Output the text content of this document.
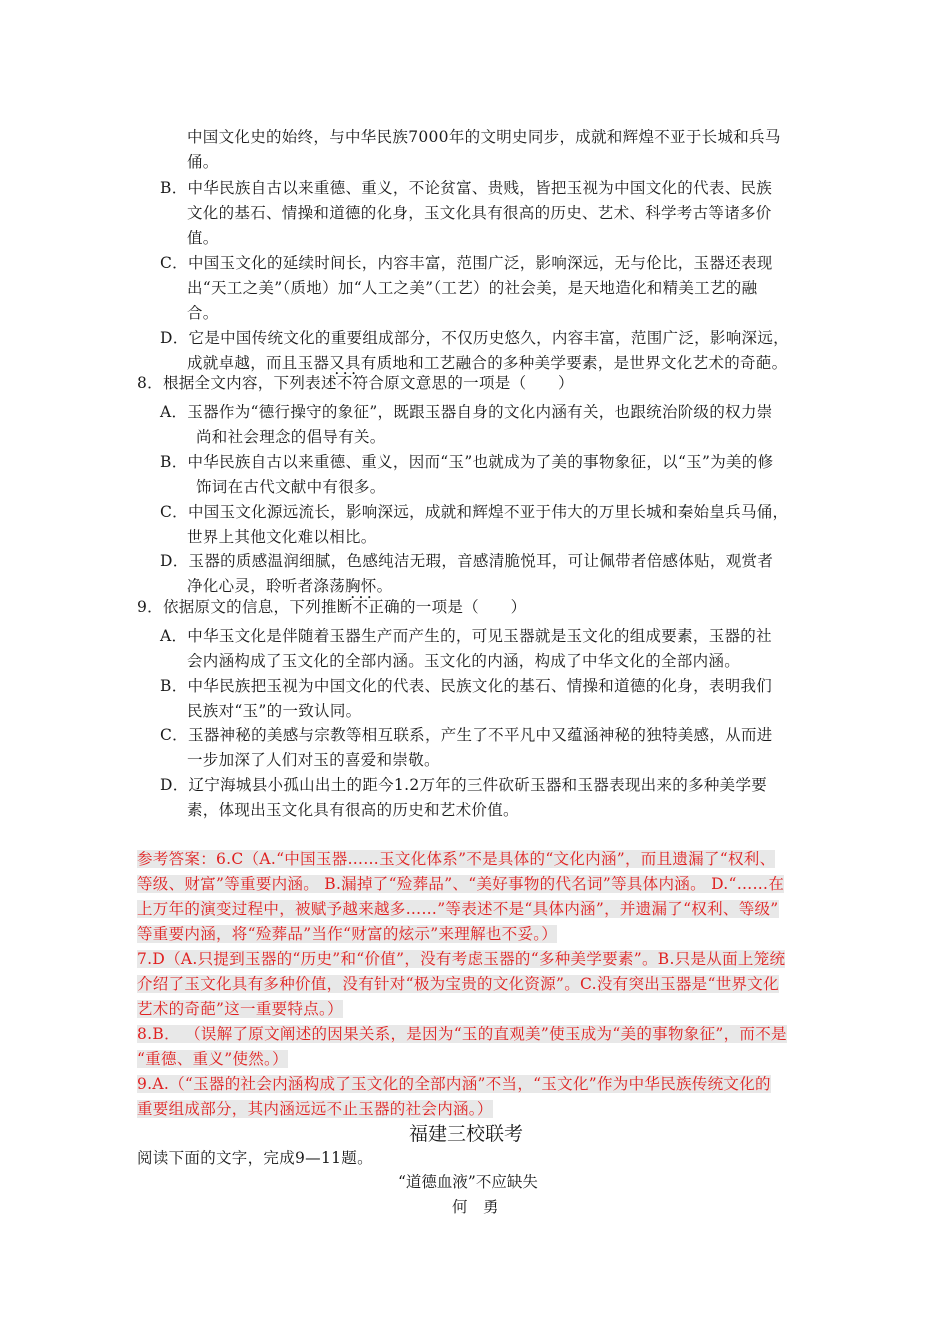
中国文化史的始终，与中华民族7000年的文明史同步，成就和辉煌不亚于长城和兵马
俑。
B．中华民族自古以来重德、重义，不论贫富、贵贱，皆把玉视为中国文化的代表、民族
文化的基石、情操和道德的化身，玉文化具有很高的历史、艺术、科学考古等诸多价
值。
C．中国玉文化的延续时间长，内容丰富，范围广泛，影响深远，无与伦比，玉器还表现
出“天工之美”（质地）加“人工之美”（工艺）的社会美，是天地造化和精美工艺的融
合。
D．它是中国传统文化的重要组成部分，不仅历史悠久，内容丰富，范围广泛，影响深远，
成就卓越，而且玉器又具有质地和工艺融合的多种美学要素，是世界文化艺术的奇葩。
8．根据全文内容，下列表述不符合 • • •原文意思的一项是（　　）
A．玉器作为“德行操守的象征”，既跟玉器自身的文化内涵有关，也跟统治阶级的权力崇
尚和社会理念的倡导有关。
B．中华民族自古以来重德、重义，因而“玉”也就成为了美的事物象征，以“玉”为美的修
饰词在古代文献中有很多。
C．中国玉文化源远流长，影响深远，成就和辉煌不亚于伟大的万里长城和秦始皇兵马俑，
世界上其他文化难以相比。
D．玉器的质感温润细腻，色感纯洁无瑕，音感清脆悦耳，可让佩带者倍感体贴，观赏者
净化心灵，聆听者涤荡胸怀。
9．依据原文的信息，下列推断不正确 • • •的一项是（　　）
A．中华玉文化是伴随着玉器生产而产生的，可见玉器就是玉文化的组成要素，玉器的社
会内涵构成了玉文化的全部内涵。玉文化的内涵，构成了中华文化的全部内涵。
B．中华民族把玉视为中国文化的代表、民族文化的基石、情操和道德的化身，表明我们
民族对“玉”的一致认同。
C．玉器神秘的美感与宗教等相互联系，产生了不平凡中又蕴涵神秘的独特美感，从而进
一步加深了人们对玉的喜爱和崇敬。
D．辽宁海城县小孤山出土的距今1.2万年的三件砍斫玉器和玉器表现出来的多种美学要
素，体现出玉文化具有很高的历史和艺术价值。
参考答案：6.C（A.“中国玉器……玉文化体系”不是具体的“文化内涵”，而且遗漏了“权利、
等级、财富”等重要内涵。 B.漏掉了“殓葬品”、“美好事物的代名词”等具体内涵。 D.“……在
上万年的演变过程中，被赋予越来越多……”等表述不是“具体内涵”，并遗漏了“权利、等级”
等重要内涵，将“殓葬品”当作“财富的炫示”来理解也不妥。）
7.D（A.只提到玉器的“历史”和“价值”，没有考虑玉器的“多种美学要素”。B.只是从面上笼统
介绍了玉文化具有多种价值，没有针对“极为宝贵的文化资源”。C.没有突出玉器是“世界文化
艺术的奇葩”这一重要特点。）
8.B． （误解了原文阐述的因果关系，是因为“玉的直观美”使玉成为“美的事物象征”，而不是
“重德、重义”使然。）
9.A.（“玉器的社会内涵构成了玉文化的全部内涵”不当，“玉文化”作为中华民族传统文化的
重要组成部分，其内涵远远不止玉器的社会内涵。）
福建三校联考
阅读下面的文字，完成9—11题。
“道德血液”不应缺失
何　勇
